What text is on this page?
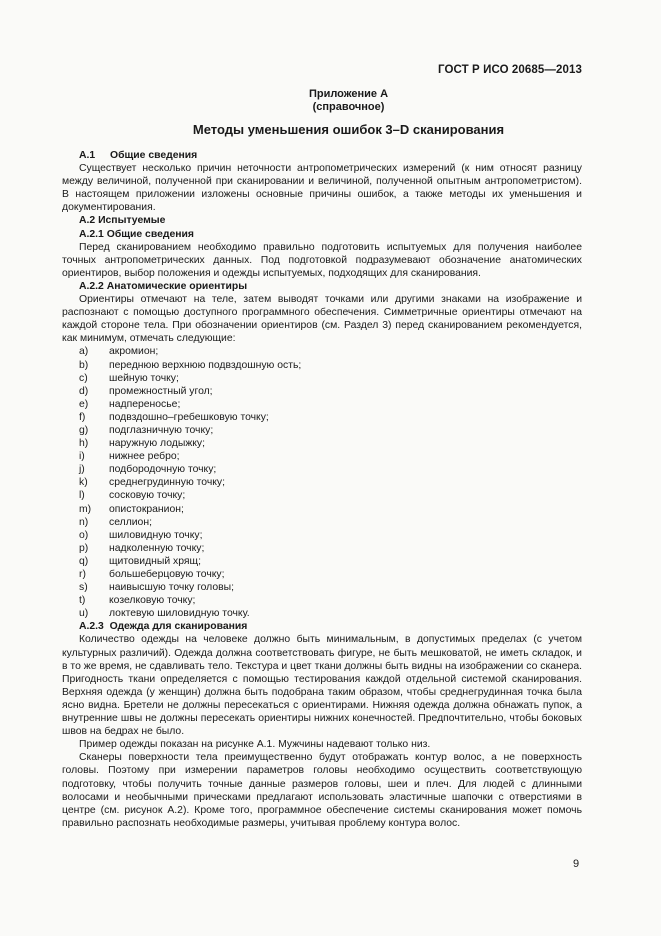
ГОСТ Р ИСО 20685—2013
Приложение А
(справочное)
Методы уменьшения ошибок 3–D сканирования
А.1 Общие сведения

Существует несколько причин неточности антропометрических измерений (к ним относят разницу между величиной, полученной при сканировании и величиной, полученной опытным антропометристом). В настоящем приложении изложены основные причины ошибок, а также методы их уменьшения и документирования.

А.2 Испытуемые
А.2.1 Общие сведения

Перед сканированием необходимо правильно подготовить испытуемых для получения наиболее точных антропометрических данных. Под подготовкой подразумевают обозначение анатомических ориентиров, выбор положения и одежды испытуемых, подходящих для сканирования.

А.2.2 Анатомические ориентиры

Ориентиры отмечают на теле, затем выводят точками или другими знаками на изображение и распознают с помощью доступного программного обеспечения. Симметричные ориентиры отмечают на каждой стороне тела. При обозначении ориентиров (см. Раздел 3) перед сканированием рекомендуется, как минимум, отмечать следующие:

a) акромион;
b) переднюю верхнюю подвздошную ость;
c) шейную точку;
d) промежностный угол;
e) надпереносье;
f) подвздошно–гребешковую точку;
g) подглазничную точку;
h) наружную лодыжку;
i) нижнее ребро;
j) подбородочную точку;
k) среднегрудинную точку;
l) сосковую точку;
m) опистокранион;
n) селлион;
o) шиловидную точку;
p) надколенную точку;
q) щитовидный хрящ;
r) большеберцовую точку;
s) наивысшую точку головы;
t) козелковую точку;
u) локтевую шиловидную точку.
А.2.3 Одежда для сканирования

Количество одежды на человеке должно быть минимальным, в допустимых пределах (с учетом культурных различий). Одежда должна соответствовать фигуре, не быть мешковатой, не иметь складок, и в то же время, не сдавливать тело. Текстура и цвет ткани должны быть видны на изображении со сканера. Пригодность ткани определяется с помощью тестирования каждой отдельной системой сканирования. Верхняя одежда (у женщин) должна быть подобрана таким образом, чтобы среднегрудинная точка была ясно видна. Бретели не должны пересекаться с ориентирами. Нижняя одежда должна обнажать пупок, а внутренние швы не должны пересекать ориентиры нижних конечностей. Предпочтительно, чтобы боковых швов на бедрах не было.

Пример одежды показан на рисунке А.1. Мужчины надевают только низ.

Сканеры поверхности тела преимущественно будут отображать контур волос, а не поверхность головы. Поэтому при измерении параметров головы необходимо осуществить соответствующую подготовку, чтобы получить точные данные размеров головы, шеи и плеч. Для людей с длинными волосами и необычными прическами предлагают использовать эластичные шапочки с отверстиями в центре (см. рисунок А.2). Кроме того, программное обеспечение системы сканирования может помочь правильно распознать необходимые размеры, учитывая проблему контура волос.

9
